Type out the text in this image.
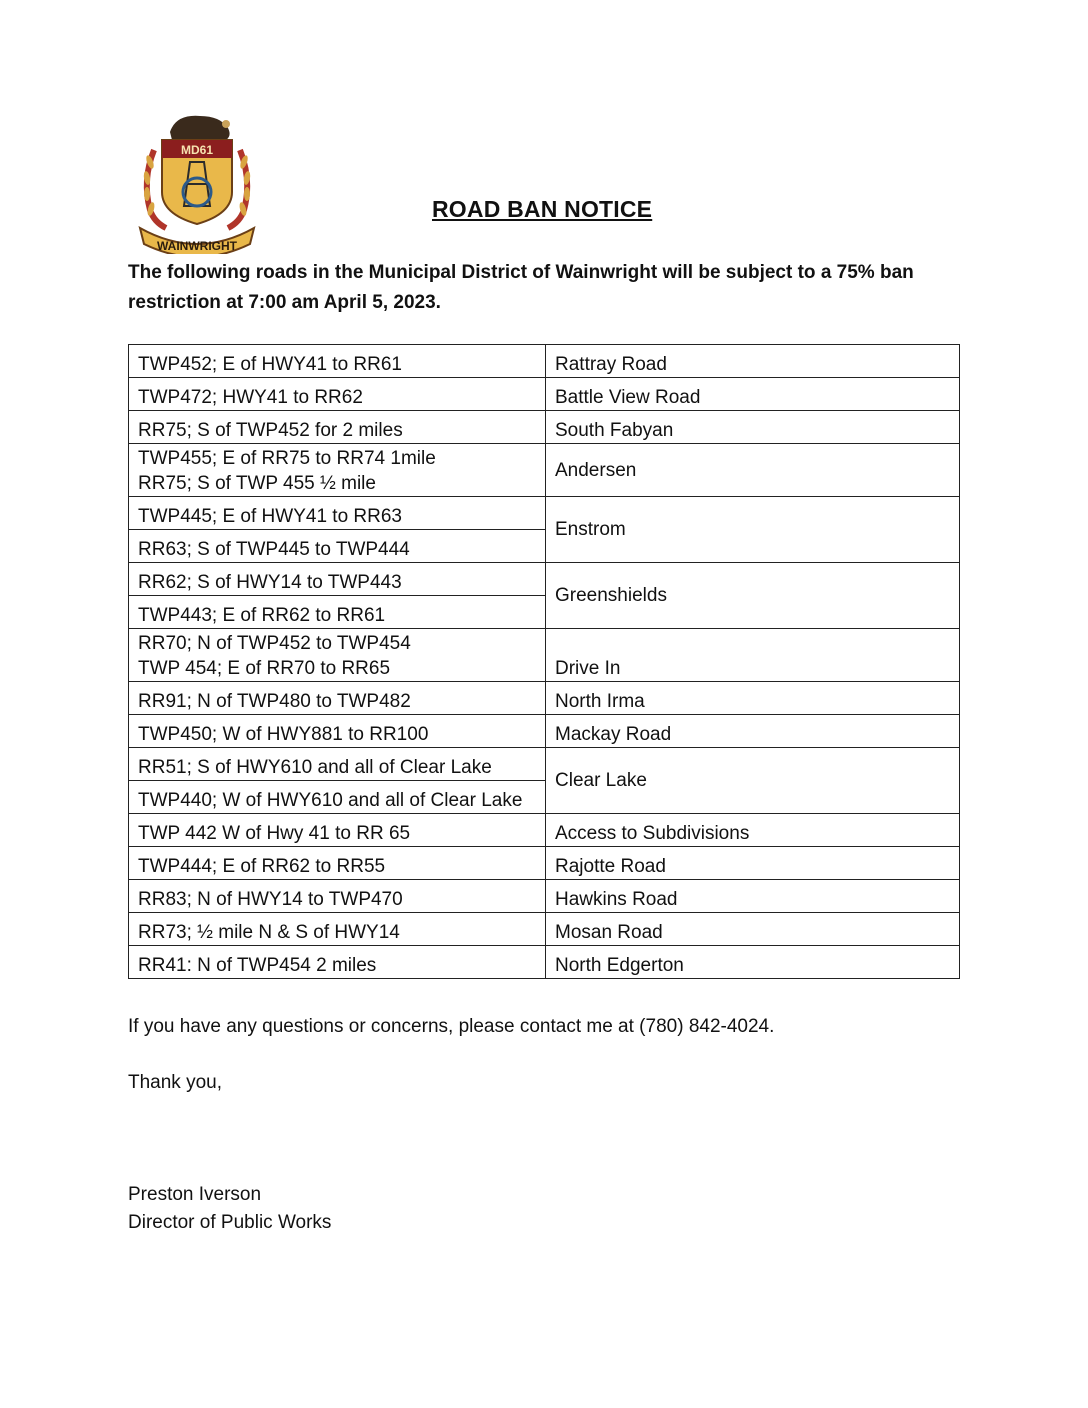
MD61
WAINWRIGHT
ROAD BAN NOTICE
The following roads in the Municipal District of Wainwright will be subject to a 75% ban restriction at 7:00 am April 5, 2023.
TWP452; E of HWY41 to RR61	Rattray Road

TWP472; HWY41 to RR62	Battle View Road

RR75; S of TWP452 for 2 miles	South Fabyan

TWP455; E of RR75 to RR74 1mile
RR75; S of TWP 455 ½ mile	Andersen

TWP445; E of HWY41 to RR63	Enstrom

RR63; S of TWP445 to TWP444	

RR62; S of HWY14 to TWP443	Greenshields

TWP443; E of RR62 to RR61	

RR70; N of TWP452 to TWP454
TWP 454; E of RR70 to RR65	Drive In

RR91; N of TWP480 to TWP482	North Irma

TWP450; W of HWY881 to RR100	Mackay Road

RR51; S of HWY610 and all of Clear Lake	Clear Lake

TWP440; W of HWY610 and all of Clear Lake	

TWP 442 W of Hwy 41 to RR 65	Access to Subdivisions

TWP444; E of RR62 to RR55	Rajotte Road

RR83; N of HWY14 to TWP470	Hawkins Road

RR73; ½ mile N & S of HWY14	Mosan Road

RR41: N of TWP454 2 miles	North Edgerton
If you have any questions or concerns, please contact me at (780) 842-4024.
Thank you,
Preston Iverson
Director of Public Works
